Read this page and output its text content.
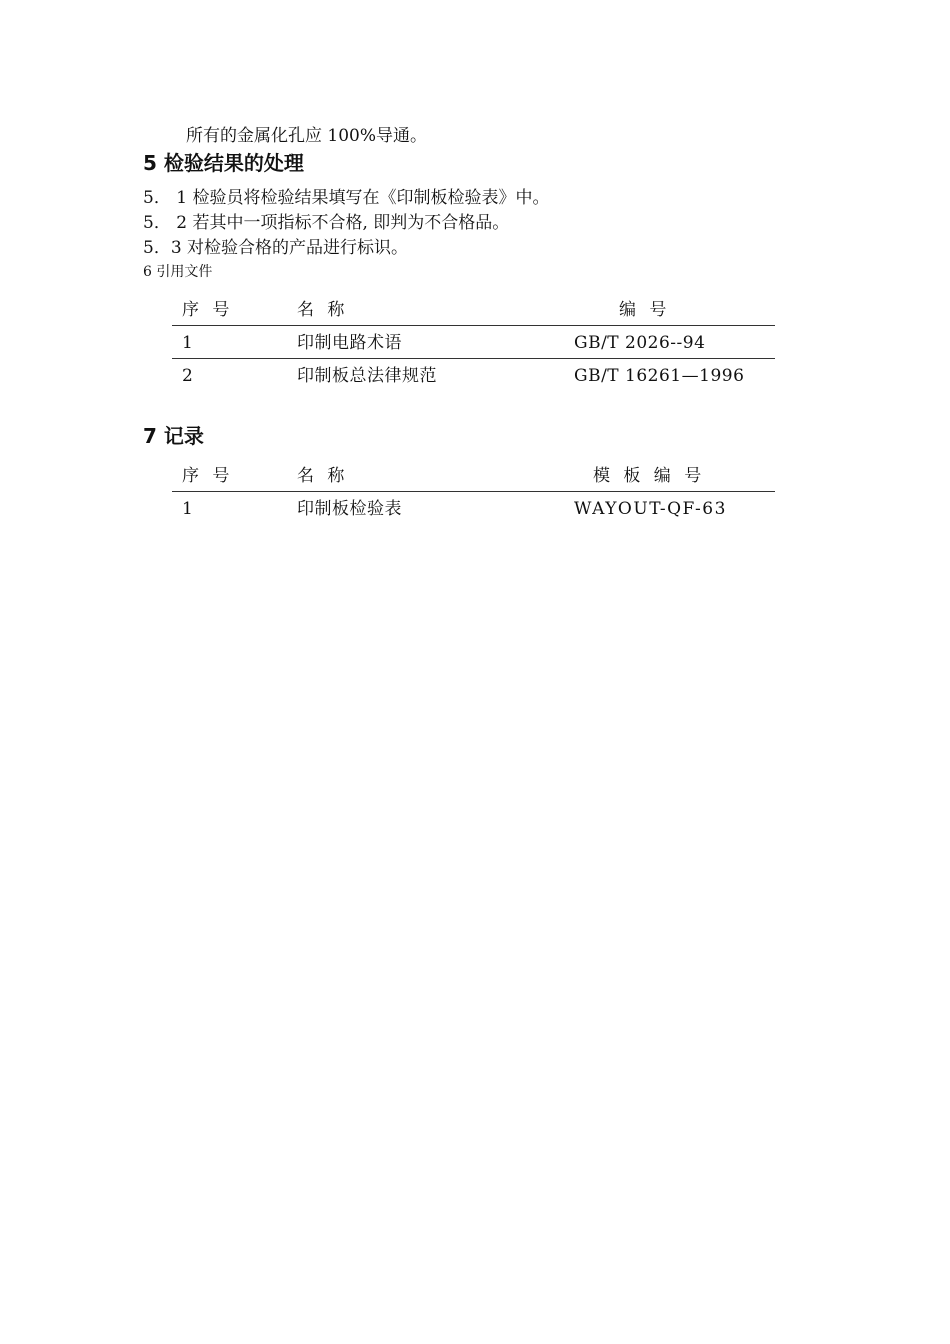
所有的金属化孔应 100%导通。
5 检验结果的处理
5． 1 检验员将检验结果填写在《印制板检验表》中。
5． 2 若其中一项指标不合格, 即判为不合格品。
5．3 对检验合格的产品进行标识。
6 引用文件
序 号	名 称	编 号
1	印制电路术语	GB/T 2026--94
2	印制板总法律规范	GB/T 16261—1996
7 记录
序 号	名 称	模 板 编 号
1	印制板检验表	WAYOUT-QF-63
